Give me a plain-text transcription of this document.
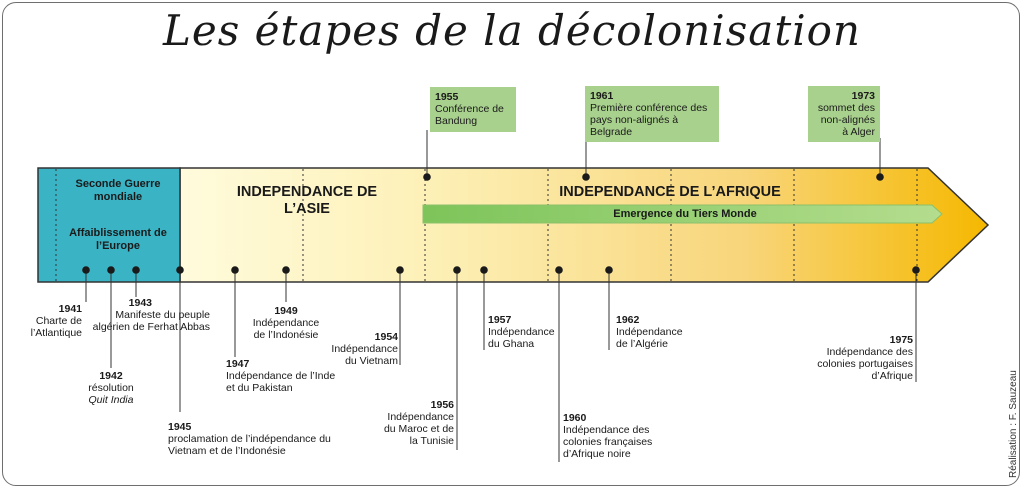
Les étapes de la décolonisation
Seconde Guerre mondiale
Affaiblissement de l’Europe
INDEPENDANCE DE L’ASIE
INDEPENDANCE DE L’AFRIQUE
Emergence du Tiers Monde
1955
Conférence de Bandung
1961
Première conférence des pays non-alignés à Belgrade
1973
sommet des non-alignés à Alger
1941
Charte de l’Atlantique
1942
résolution
Quit India
1943
Manifeste du peuple algérien de Ferhat Abbas
1945
proclamation de l’indépendance du Vietnam et de l’Indonésie
1947
Indépendance de l’Inde et du Pakistan
1949
Indépendance de l’Indonésie	1954
Indépendance du Vietnam
1956
Indépendance du Maroc et de la Tunisie
1957
Indépendance du Ghana
1960
Indépendance des colonies françaises d’Afrique noire
1962
Indépendance de l’Algérie	1975
Indépendance des colonies portugaises d’Afrique	Réalisation : F. Sauzeau
